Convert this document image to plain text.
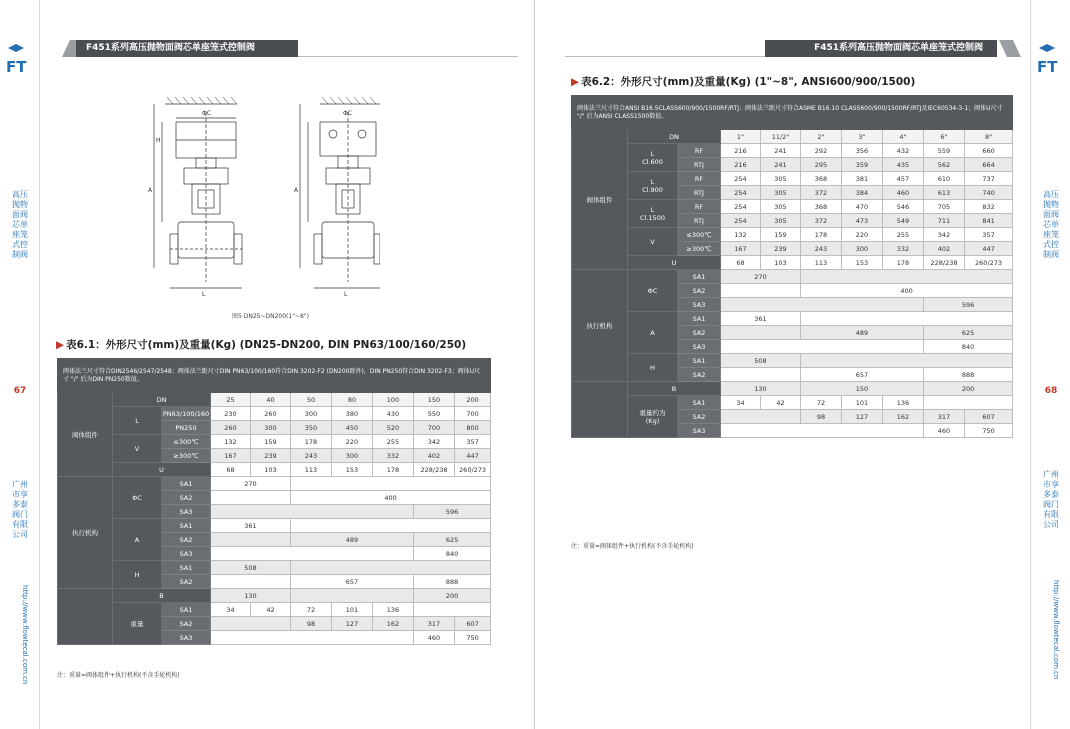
FT
高压抛物面阀芯单座笼式控制阀
67
广州市享多泰阀门有限公司
http://www.flowtecal.com.cn
F451系列高压抛物面阀芯单座笼式控制阀
ΦC
A
H
L	L
A
ΦC
图5 DN25~DN200(1"~8")
▶ 表6.1：外形尺寸(mm)及重量(Kg) (DN25-DN200, DIN PN63/100/160/250)
阀体法兰尺寸符合DIN2546/2547/2548；阀体法兰距尺寸DIN PN63/100/160符合DIN 3202-F2 (DN200除外)，DIN PN250符合DIN 3202-F3；阀体U尺寸 "/" 后为DIN PN250数值。									
阀体组件	DN		25	40	50	80	100	150	200
	L	PN63/100/160	230	260	300	380	430	550	700
		PN250	260	300	350	450	520	700	800
	V	≤300℃	132	159	178	220	255	342	357
		≥300℃	167	239	243	300	332	402	447
	U		68	103	113	153	178	228/238	260/273
执行机构	ΦC	SA1	270						
		SA2			400				
		SA3						596	
	A	SA1	361						
		SA2			489			625	
		SA3						840	
	H	SA1	508						
		SA2			657			888	
	B		130					200	
	重量	SA1	34	42	72	101	136		
		SA2			98	127	162	317	607
		SA3						460	750
注：重量=阀体组件+执行机构(不含手轮机构)
FT
高压抛物面阀芯单座笼式控制阀
68
广州市享多泰阀门有限公司
http://www.flowtecal.com.cn
F451系列高压抛物面阀芯单座笼式控制阀
▶ 表6.2：外形尺寸(mm)及重量(Kg) (1"~8", ANSI600/900/1500)
阀体法兰尺寸符合ANSI B16.5CLASS600/900/1500RF/RTJ；阀体法兰距尺寸符合ASME B16.10 CLASS600/900/1500RF/RTJ及IEC60534-3-1；阀体U尺寸 "/" 后为ANSI CLASS1500数值。									
阀体组件	DN		1"	11/2"	2"	3"	4"	6"	8"
	L
Cl.600	RF	216	241	292	356	432	559	660
		RTJ	216	241	295	359	435	562	664
	L
Cl.900	RF	254	305	368	381	457	610	737
		RTJ	254	305	372	384	460	613	740
	L
Cl.1500	RF	254	305	368	470	546	705	832
		RTJ	254	305	372	473	549	711	841
	V	≤300℃	132	159	178	220	255	342	357
		≥300℃	167	239	243	300	332	402	447
	U		68	103	113	153	178	228/238	260/273
执行机构	ΦC	SA1	270						
		SA2			400				
		SA3						596	
	A	SA1	361						
		SA2			489			625	
		SA3						840	
	H	SA1	508						
		SA2			657			888	
	B		130		150			200	
	重量约为
(Kg)	SA1	34	42	72	101	136		
		SA2			98	127	162	317	607
		SA3						460	750
注：重量=阀体组件+执行机构(不含手轮机构)
